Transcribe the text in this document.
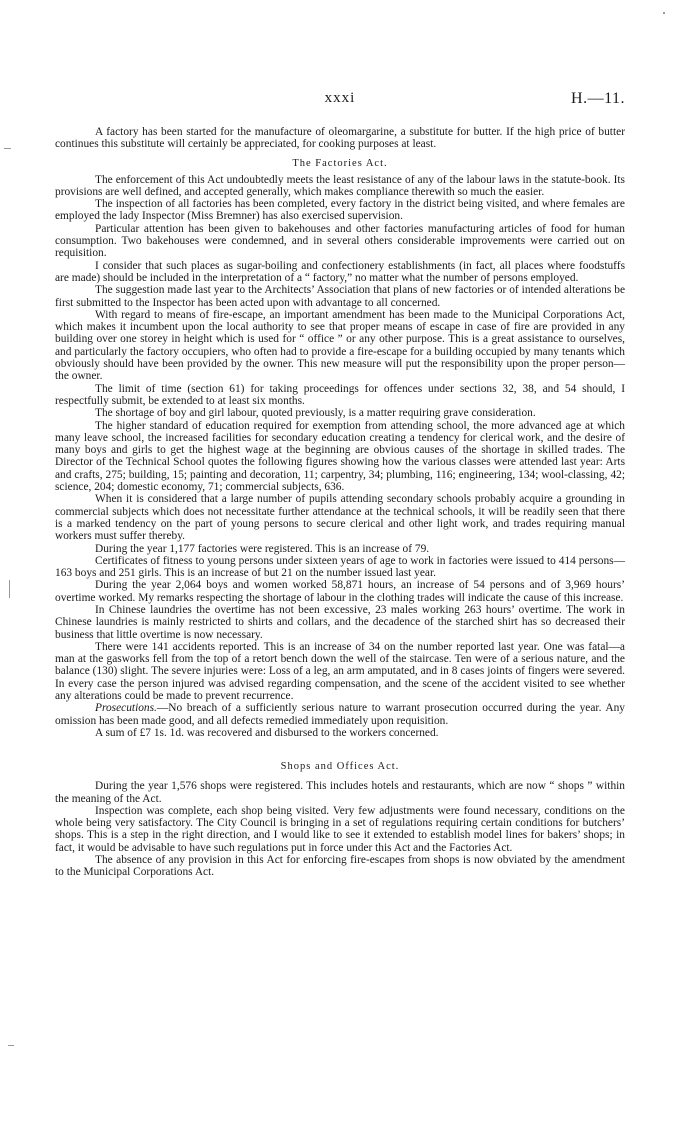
xxxi	H.—11.

A factory has been started for the manufacture of oleomargarine, a substitute for butter. If the high price of butter continues this substitute will certainly be appreciated, for cooking purposes at least.

The Factories Act.

The enforcement of this Act undoubtedly meets the least resistance of any of the labour laws in the statute-book. Its provisions are well defined, and accepted generally, which makes compliance therewith so much the easier.

The inspection of all factories has been completed, every factory in the district being visited, and where females are employed the lady Inspector (Miss Bremner) has also exercised supervision.

Particular attention has been given to bakehouses and other factories manufacturing articles of food for human consumption. Two bakehouses were condemned, and in several others considerable improvements were carried out on requisition.

I consider that such places as sugar-boiling and confectionery establishments (in fact, all places where foodstuffs are made) should be included in the interpretation of a “ factory,” no matter what the number of persons employed.

The suggestion made last year to the Architects’ Association that plans of new factories or of intended alterations be first submitted to the Inspector has been acted upon with advantage to all concerned.

With regard to means of fire-escape, an important amendment has been made to the Municipal Corporations Act, which makes it incumbent upon the local authority to see that proper means of escape in case of fire are provided in any building over one storey in height which is used for “ office ” or any other purpose. This is a great assistance to ourselves, and particularly the factory occupiers, who often had to provide a fire-escape for a building occupied by many tenants which obviously should have been provided by the owner. This new measure will put the responsibility upon the proper person—the owner.

The limit of time (section 61) for taking proceedings for offences under sections 32, 38, and 54 should, I respectfully submit, be extended to at least six months.

The shortage of boy and girl labour, quoted previously, is a matter requiring grave consideration.

The higher standard of education required for exemption from attending school, the more advanced age at which many leave school, the increased facilities for secondary education creating a tendency for clerical work, and the desire of many boys and girls to get the highest wage at the beginning are obvious causes of the shortage in skilled trades. The Director of the Technical School quotes the following figures showing how the various classes were attended last year: Arts and crafts, 275; building, 15; painting and decoration, 11; carpentry, 34; plumbing, 116; engineering, 134; wool-classing, 42; science, 204; domestic economy, 71; commercial subjects, 636.

When it is considered that a large number of pupils attending secondary schools probably acquire a grounding in commercial subjects which does not necessitate further attendance at the technical schools, it will be readily seen that there is a marked tendency on the part of young persons to secure clerical and other light work, and trades requiring manual workers must suffer thereby.

During the year 1,177 factories were registered. This is an increase of 79.

Certificates of fitness to young persons under sixteen years of age to work in factories were issued to 414 persons—163 boys and 251 girls. This is an increase of but 21 on the number issued last year.

During the year 2,064 boys and women worked 58,871 hours, an increase of 54 persons and of 3,969 hours’ overtime worked. My remarks respecting the shortage of labour in the clothing trades will indicate the cause of this increase.

In Chinese laundries the overtime has not been excessive, 23 males working 263 hours’ overtime. The work in Chinese laundries is mainly restricted to shirts and collars, and the decadence of the starched shirt has so decreased their business that little overtime is now necessary.

There were 141 accidents reported. This is an increase of 34 on the number reported last year. One was fatal—a man at the gasworks fell from the top of a retort bench down the well of the staircase. Ten were of a serious nature, and the balance (130) slight. The severe injuries were: Loss of a leg, an arm amputated, and in 8 cases joints of fingers were severed. In every case the person injured was advised regarding compensation, and the scene of the accident visited to see whether any alterations could be made to prevent recurrence.

Prosecutions.—No breach of a sufficiently serious nature to warrant prosecution occurred during the year. Any omission has been made good, and all defects remedied immediately upon requisition.

A sum of £7 1s. 1d. was recovered and disbursed to the workers concerned.

Shops and Offices Act.

During the year 1,576 shops were registered. This includes hotels and restaurants, which are now “ shops ” within the meaning of the Act.

Inspection was complete, each shop being visited. Very few adjustments were found necessary, conditions on the whole being very satisfactory. The City Council is bringing in a set of regulations requiring certain conditions for butchers’ shops. This is a step in the right direction, and I would like to see it extended to establish model lines for bakers’ shops; in fact, it would be advisable to have such regulations put in force under this Act and the Factories Act.

The absence of any provision in this Act for enforcing fire-escapes from shops is now obviated by the amendment to the Municipal Corporations Act.
